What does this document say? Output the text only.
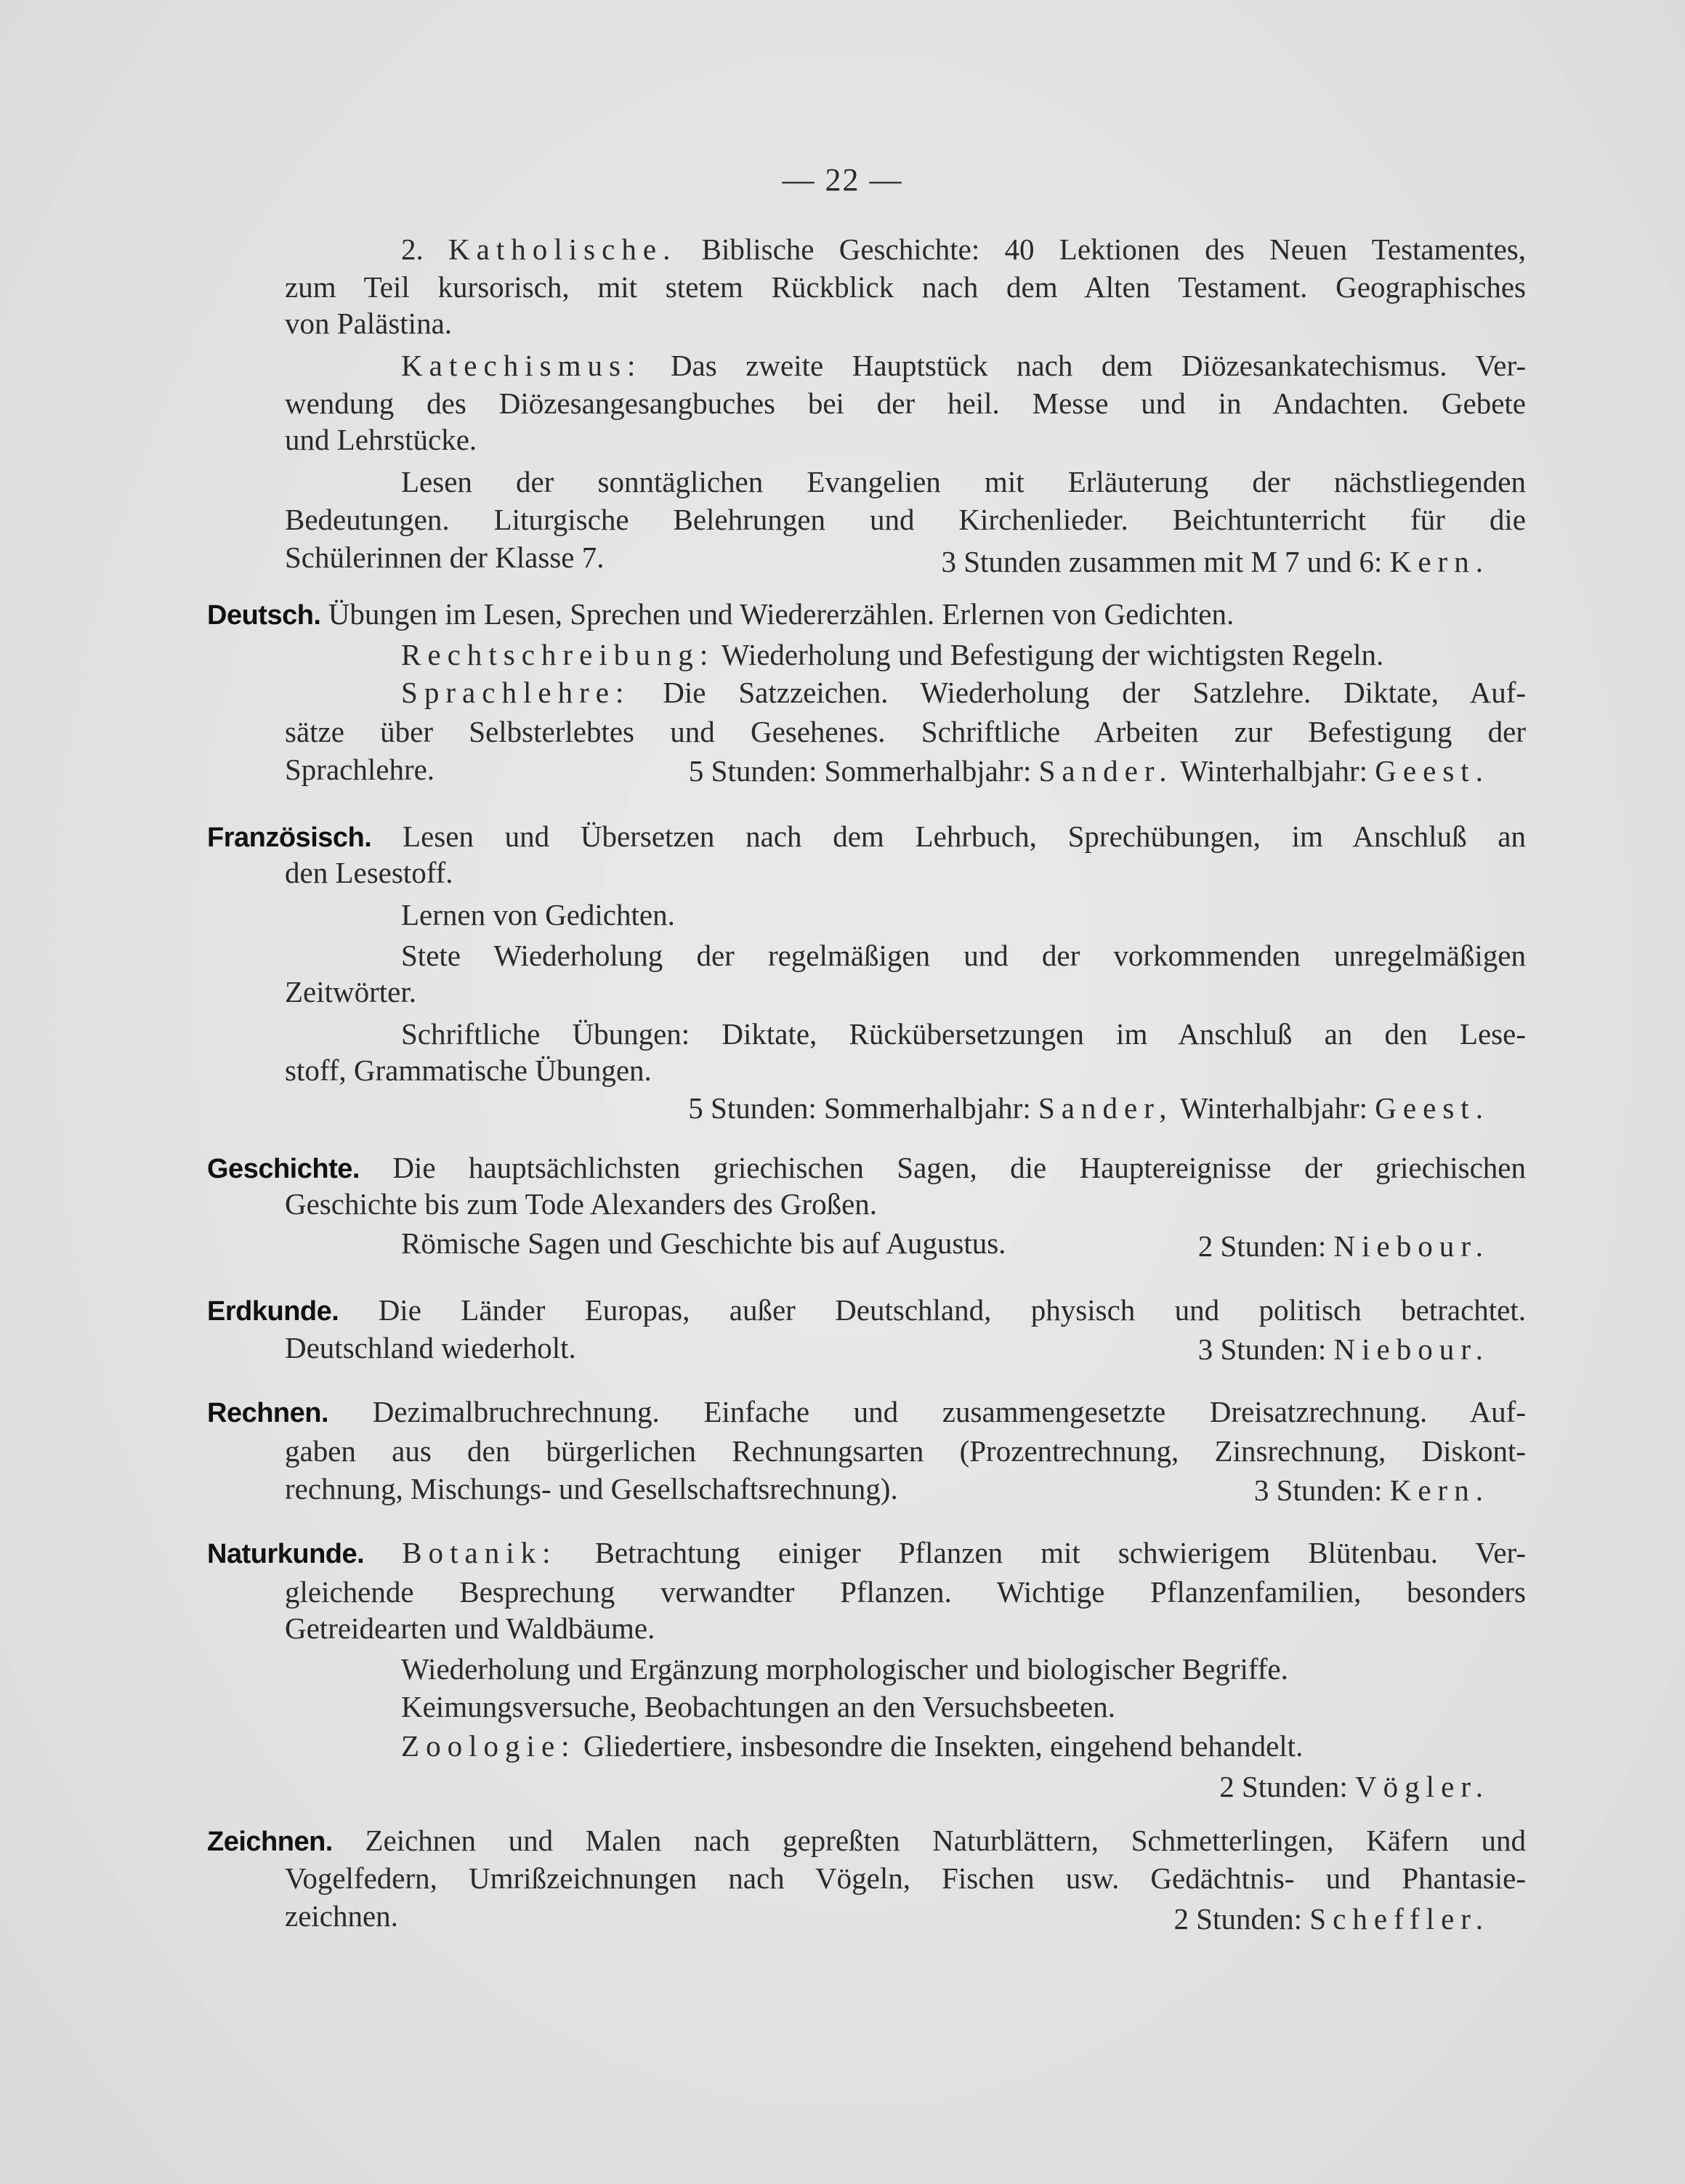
— 22 —
2. Katholische. Biblische Geschichte: 40 Lektionen des Neuen Testamentes,
zum Teil kursorisch, mit stetem Rückblick nach dem Alten Testament. Geographisches
von Palästina.
Katechismus: Das zweite Hauptstück nach dem Diözesankatechismus. Ver-
wendung des Diözesangesangbuches bei der heil. Messe und in Andachten. Gebete
und Lehrstücke.
Lesen der sonntäglichen Evangelien mit Erläuterung der nächstliegenden
Bedeutungen. Liturgische Belehrungen und Kirchenlieder. Beichtunterricht für die
Schülerinnen der Klasse 7.	3 Stunden zusammen mit M 7 und 6: Kern.
Deutsch. Übungen im Lesen, Sprechen und Wiedererzählen. Erlernen von Gedichten.
Rechtschreibung: Wiederholung und Befestigung der wichtigsten Regeln.
Sprachlehre: Die Satzzeichen. Wiederholung der Satzlehre. Diktate, Auf-
sätze über Selbsterlebtes und Gesehenes. Schriftliche Arbeiten zur Befestigung der
Sprachlehre.	5 Stunden: Sommerhalbjahr: Sander. Winterhalbjahr: Geest.
Französisch. Lesen und Übersetzen nach dem Lehrbuch, Sprechübungen, im Anschluß an
den Lesestoff.
Lernen von Gedichten.
Stete Wiederholung der regelmäßigen und der vorkommenden unregelmäßigen
Zeitwörter.
Schriftliche Übungen: Diktate, Rückübersetzungen im Anschluß an den Lese-
stoff, Grammatische Übungen.
5 Stunden: Sommerhalbjahr: Sander, Winterhalbjahr: Geest.
Geschichte. Die hauptsächlichsten griechischen Sagen, die Hauptereignisse der griechischen
Geschichte bis zum Tode Alexanders des Großen.
Römische Sagen und Geschichte bis auf Augustus.	2 Stunden: Niebour.
Erdkunde. Die Länder Europas, außer Deutschland, physisch und politisch betrachtet.
Deutschland wiederholt.	3 Stunden: Niebour.
Rechnen. Dezimalbruchrechnung. Einfache und zusammengesetzte Dreisatzrechnung. Auf-
gaben aus den bürgerlichen Rechnungsarten (Prozentrechnung, Zinsrechnung, Diskont-
rechnung, Mischungs- und Gesellschaftsrechnung).	3 Stunden: Kern.
Naturkunde. Botanik: Betrachtung einiger Pflanzen mit schwierigem Blütenbau. Ver-
gleichende Besprechung verwandter Pflanzen. Wichtige Pflanzenfamilien, besonders
Getreidearten und Waldbäume.
Wiederholung und Ergänzung morphologischer und biologischer Begriffe.
Keimungsversuche, Beobachtungen an den Versuchsbeeten.
Zoologie: Gliedertiere, insbesondre die Insekten, eingehend behandelt.
2 Stunden: Vögler.
Zeichnen. Zeichnen und Malen nach gepreßten Naturblättern, Schmetterlingen, Käfern und
Vogelfedern, Umrißzeichnungen nach Vögeln, Fischen usw. Gedächtnis- und Phantasie-
zeichnen.	2 Stunden: Scheffler.
